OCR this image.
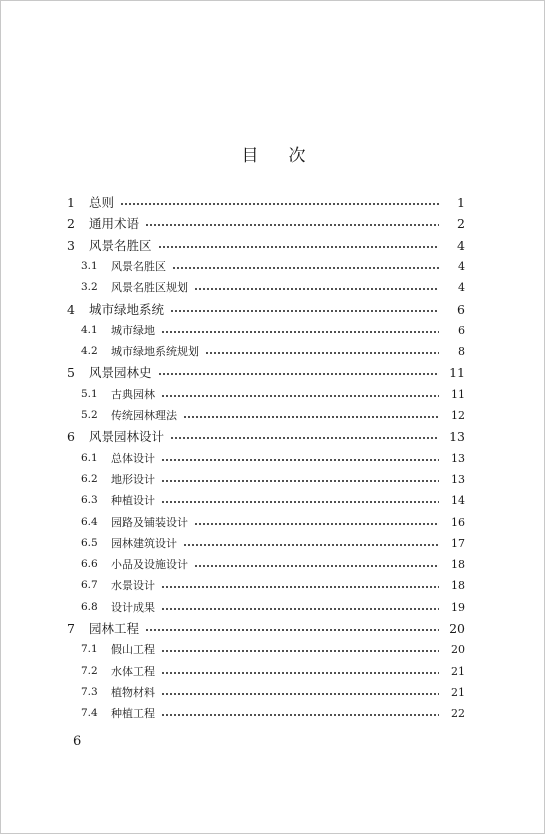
目次
1	总则	1
2	通用术语	2
3	风景名胜区	4
3.1	风景名胜区	4
3.2	风景名胜区规划	4
4	城市绿地系统	6
4.1	城市绿地	6
4.2	城市绿地系统规划	8
5	风景园林史	11
5.1	古典园林	11
5.2	传统园林理法	12
6	风景园林设计	13
6.1	总体设计	13
6.2	地形设计	13
6.3	种植设计	14
6.4	园路及铺装设计	16
6.5	园林建筑设计	17
6.6	小品及设施设计	18
6.7	水景设计	18
6.8	设计成果	19
7	园林工程	20
7.1	假山工程	20
7.2	水体工程	21
7.3	植物材料	21
7.4	种植工程	22
6
